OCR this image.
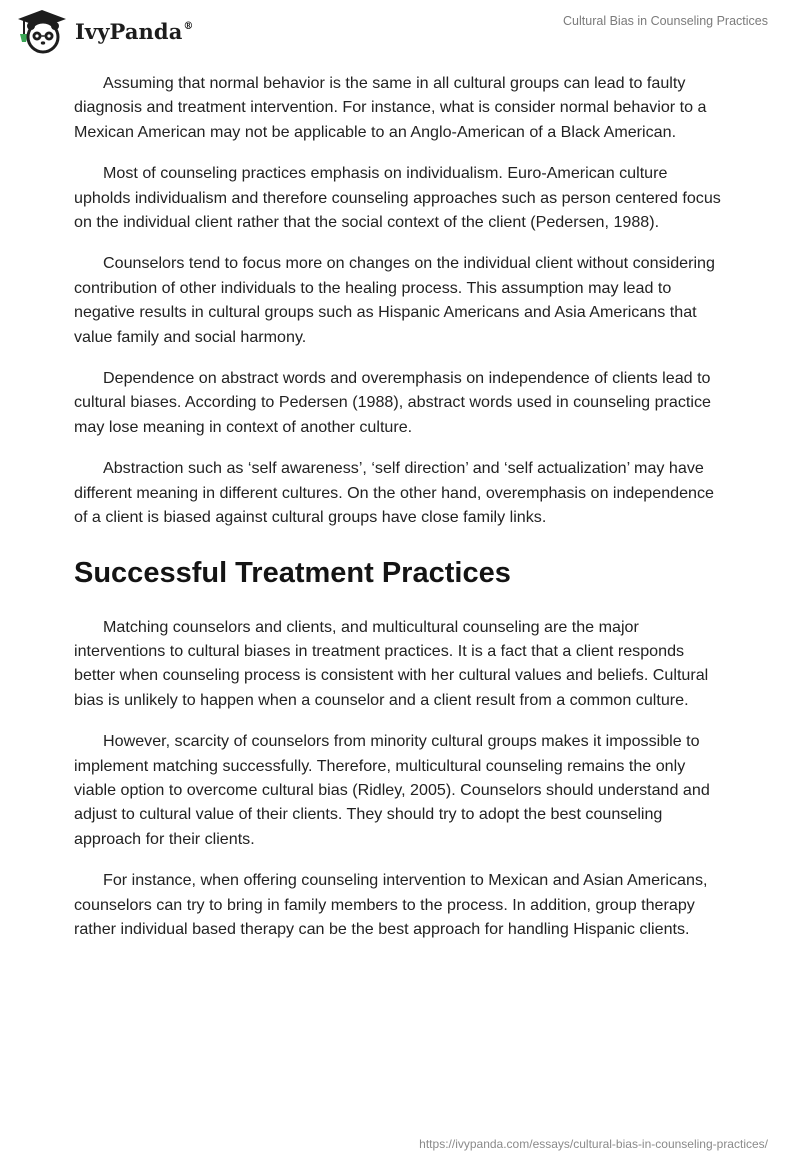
IvyPanda®	Cultural Bias in Counseling Practices

Assuming that normal behavior is the same in all cultural groups can lead to faulty diagnosis and treatment intervention. For instance, what is consider normal behavior to a Mexican American may not be applicable to an Anglo-American of a Black American.

Most of counseling practices emphasis on individualism. Euro-American culture upholds individualism and therefore counseling approaches such as person centered focus on the individual client rather that the social context of the client (Pedersen, 1988).

Counselors tend to focus more on changes on the individual client without considering contribution of other individuals to the healing process. This assumption may lead to negative results in cultural groups such as Hispanic Americans and Asia Americans that value family and social harmony.

Dependence on abstract words and overemphasis on independence of clients lead to cultural biases. According to Pedersen (1988), abstract words used in counseling practice may lose meaning in context of another culture.

Abstraction such as ‘self awareness’, ‘self direction’ and ‘self actualization’ may have different meaning in different cultures. On the other hand, overemphasis on independence of a client is biased against cultural groups have close family links.

Successful Treatment Practices

Matching counselors and clients, and multicultural counseling are the major interventions to cultural biases in treatment practices. It is a fact that a client responds better when counseling process is consistent with her cultural values and beliefs. Cultural bias is unlikely to happen when a counselor and a client result from a common culture.

However, scarcity of counselors from minority cultural groups makes it impossible to implement matching successfully. Therefore, multicultural counseling remains the only viable option to overcome cultural bias (Ridley, 2005). Counselors should understand and adjust to cultural value of their clients. They should try to adopt the best counseling approach for their clients.

For instance, when offering counseling intervention to Mexican and Asian Americans, counselors can try to bring in family members to the process. In addition, group therapy rather individual based therapy can be the best approach for handling Hispanic clients.

https://ivypanda.com/essays/cultural-bias-in-counseling-practices/
